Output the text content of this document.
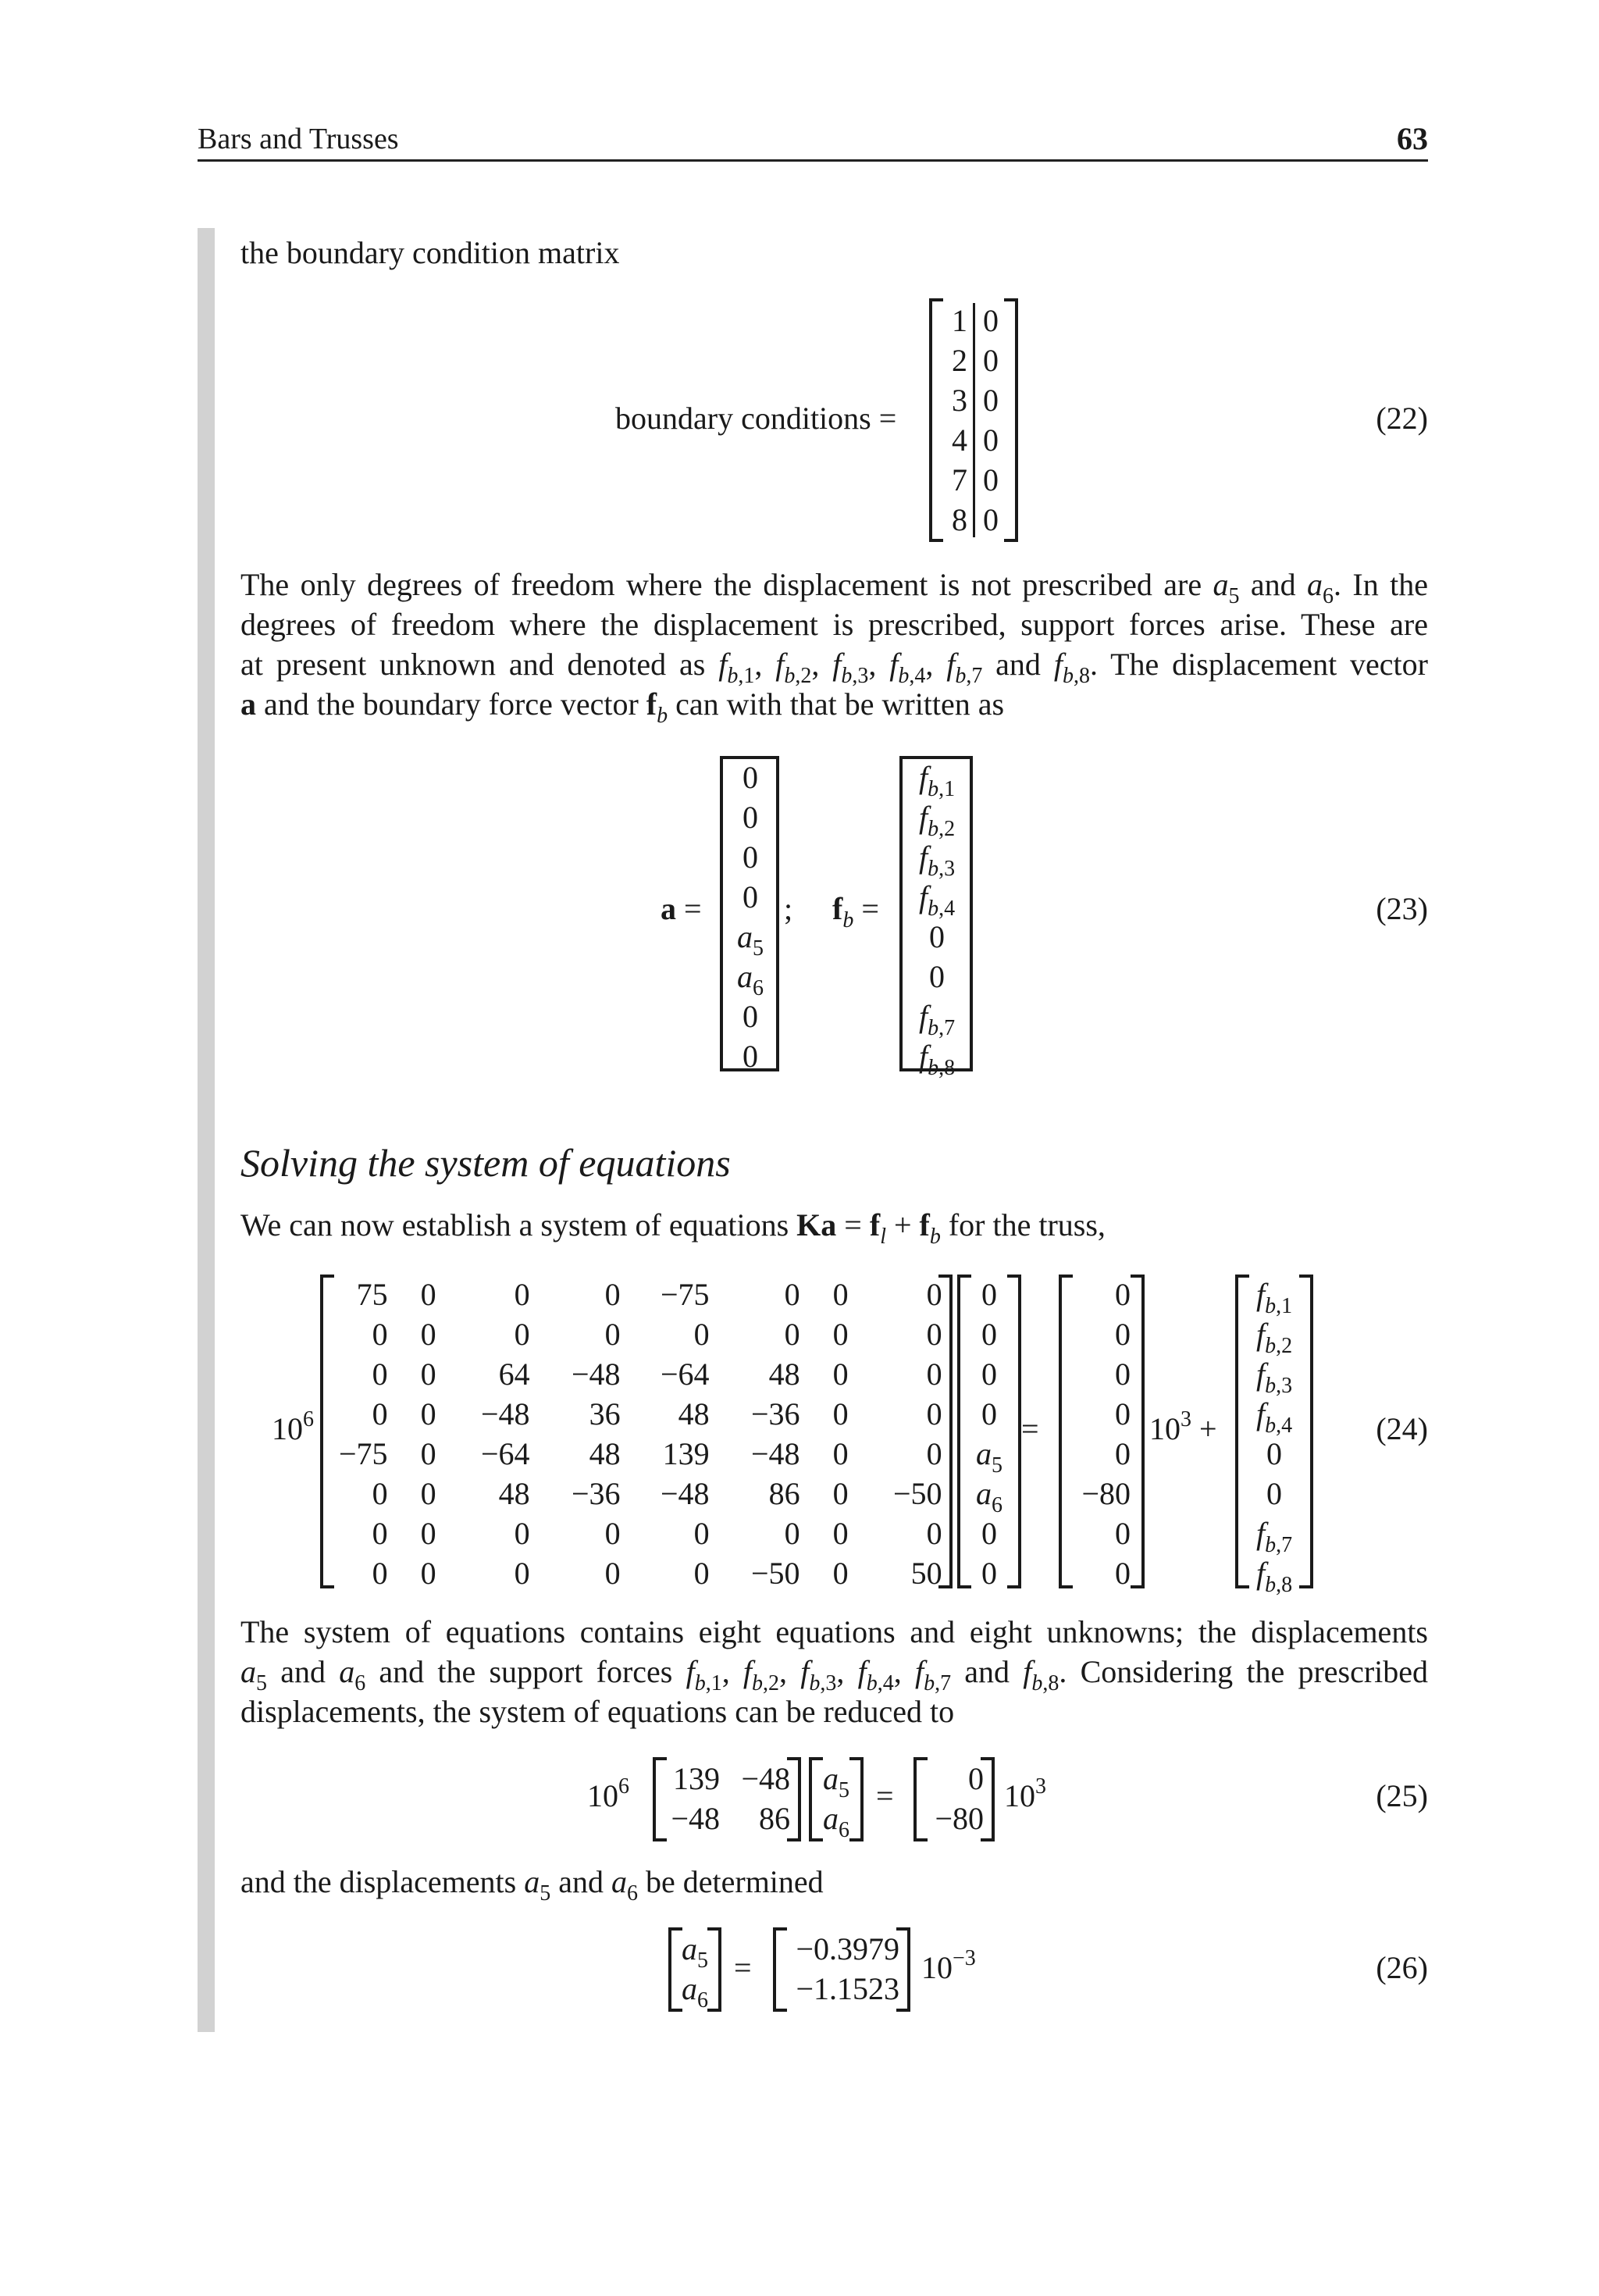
Bars and Trusses	63
the boundary condition matrix
boundary conditions =
1	0
2	0
3	0
4	0
7	0
8	0
(22)
The only degrees of freedom where the displacement is not prescribed are $a_5$ and $a_6$. In the
degrees of freedom where the displacement is prescribed, support forces arise. These are
at present unknown and denoted as $f_{b,1}$, $f_{b,2}$, $f_{b,3}$, $f_{b,4}$, $f_{b,7}$ and $f_{b,8}$. The displacement vector
a and the boundary force vector $f_b$ can with that be written as
a =
0
0
0
0
$a_5$
$a_6$
0
0
; $f_b$ =
$f_{b,1}$
$f_{b,2}$
$f_{b,3}$
$f_{b,4}$
0
0
$f_{b,7}$
$f_{b,8}$
(23)
Solving the system of equations
We can now establish a system of equations $Ka = f_l + f_b$ for the truss,
$10^6$
75	0	0	0	−75	0	0	0
0	0	0	0	0	0	0	0
0	0	64	−48	−64	48	0	0
0	0	−48	36	48	−36	0	0
−75	0	−64	48	139	−48	0	0
0	0	48	−36	−48	86	0	−50
0	0	0	0	0	0	0	0
0	0	0	0	0	−50	0	50
0
0
0
0
$a_5$
$a_6$
0
0
=
0
0
0
0
0
−80
0
0
$10^3$ +
$f_{b,1}$
$f_{b,2}$
$f_{b,3}$
$f_{b,4}$
0
0
$f_{b,7}$
$f_{b,8}$
(24)
The system of equations contains eight equations and eight unknowns; the displacements
$a_5$ and $a_6$ and the support forces $f_{b,1}$, $f_{b,2}$, $f_{b,3}$, $f_{b,4}$, $f_{b,7}$ and $f_{b,8}$. Considering the prescribed
displacements, the system of equations can be reduced to
$10^6$ 139	−48
−48	86
$a_5$
$a_6$
= 0
−80
$10^3$	(25)
and the displacements $a_5$ and $a_6$ be determined
$a_5$
$a_6$
=
−0.3979
−1.1523
$10^{-3}$	(26)
